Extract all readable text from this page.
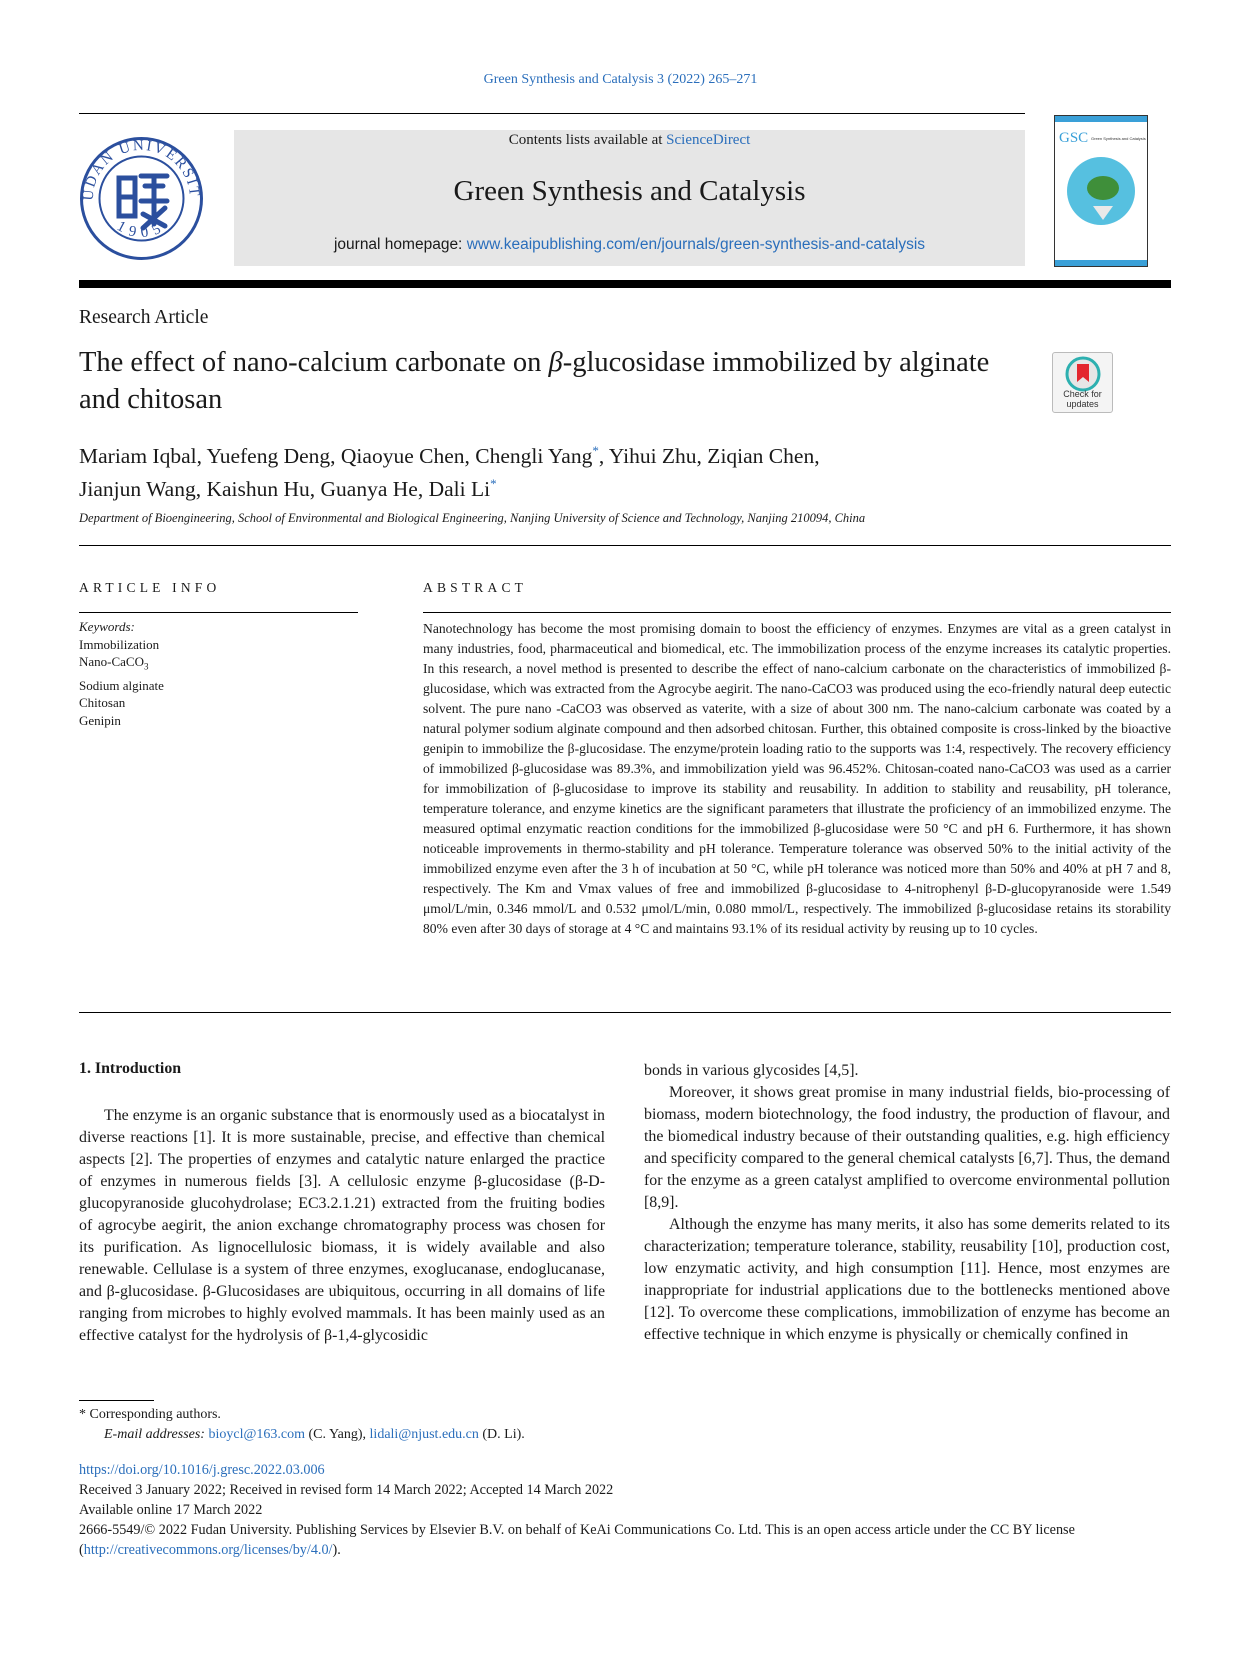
Green Synthesis and Catalysis 3 (2022) 265–271
UDAN UNIVERSIT
1905
Contents lists available at ScienceDirect
Green Synthesis and Catalysis
journal homepage: www.keaipublishing.com/en/journals/green-synthesis-and-catalysis
GSC Green Synthesis and Catalysis
Research Article
The effect of nano-calcium carbonate on β-glucosidase immobilized by alginate and chitosan	Check for updates
Mariam Iqbal, Yuefeng Deng, Qiaoyue Chen, Chengli Yang*, Yihui Zhu, Ziqian Chen,
Jianjun Wang, Kaishun Hu, Guanya He, Dali Li*
Department of Bioengineering, School of Environmental and Biological Engineering, Nanjing University of Science and Technology, Nanjing 210094, China
ARTICLE INFO	ABSTRACT
Keywords:
Immobilization
Nano-CaCO$_3$
Sodium alginate
Chitosan
Genipin
Nanotechnology has become the most promising domain to boost the efficiency of enzymes. Enzymes are vital as a green catalyst in many industries, food, pharmaceutical and biomedical, etc. The immobilization process of the enzyme increases its catalytic properties. In this research, a novel method is presented to describe the effect of nano-calcium carbonate on the characteristics of immobilized β-glucosidase, which was extracted from the Agrocybe aegirit. The nano-CaCO3 was produced using the eco-friendly natural deep eutectic solvent. The pure nano -CaCO3 was observed as vaterite, with a size of about 300 nm. The nano-calcium carbonate was coated by a natural polymer sodium alginate compound and then adsorbed chitosan. Further, this obtained composite is cross-linked by the bioactive genipin to immobilize the β-glucosidase. The enzyme/protein loading ratio to the supports was 1:4, respectively. The recovery efficiency of immobilized β-glucosidase was 89.3%, and immobilization yield was 96.452%. Chitosan-coated nano-CaCO3 was used as a carrier for immobilization of β-glucosidase to improve its stability and reusability. In addition to stability and reusability, pH tolerance, temperature tolerance, and enzyme kinetics are the significant parameters that illustrate the proficiency of an immobilized enzyme. The measured optimal enzymatic reaction conditions for the immobilized β-glucosidase were 50 °C and pH 6. Furthermore, it has shown noticeable improvements in thermo-stability and pH tolerance. Temperature tolerance was observed 50% to the initial activity of the immobilized enzyme even after the 3 h of incubation at 50 °C, while pH tolerance was noticed more than 50% and 40% at pH 7 and 8, respectively. The Km and Vmax values of free and immobilized β-glucosidase to 4-nitrophenyl β-D-glucopyranoside were 1.549 μmol/L/min, 0.346 mmol/L and 0.532 μmol/L/min, 0.080 mmol/L, respectively. The immobilized β-glucosidase retains its storability 80% even after 30 days of storage at 4 °C and maintains 93.1% of its residual activity by reusing up to 10 cycles.
1. Introduction

The enzyme is an organic substance that is enormously used as a biocatalyst in diverse reactions [1]. It is more sustainable, precise, and effective than chemical aspects [2]. The properties of enzymes and catalytic nature enlarged the practice of enzymes in numerous fields [3]. A cellulosic enzyme β-glucosidase (β-D-glucopyranoside glucohydrolase; EC3.2.1.21) extracted from the fruiting bodies of agrocybe aegirit, the anion exchange chromatography process was chosen for its purification. As lignocellulosic biomass, it is widely available and also renewable. Cellulase is a system of three enzymes, exoglucanase, endoglucanase, and β-glucosidase. β-Glucosidases are ubiquitous, occurring in all domains of life ranging from microbes to highly evolved mammals. It has been mainly used as an effective catalyst for the hydrolysis of β-1,4-glycosidic

bonds in various glycosides [4,5].

Moreover, it shows great promise in many industrial fields, bio-processing of biomass, modern biotechnology, the food industry, the production of flavour, and the biomedical industry because of their outstanding qualities, e.g. high efficiency and specificity compared to the general chemical catalysts [6,7]. Thus, the demand for the enzyme as a green catalyst amplified to overcome environmental pollution [8,9].

Although the enzyme has many merits, it also has some demerits related to its characterization; temperature tolerance, stability, reusability [10], production cost, low enzymatic activity, and high consumption [11]. Hence, most enzymes are inappropriate for industrial applications due to the bottlenecks mentioned above [12]. To overcome these complications, immobilization of enzyme has become an effective technique in which enzyme is physically or chemically confined in

* Corresponding authors.
E-mail addresses: bioycl@163.com (C. Yang), lidali@njust.edu.cn (D. Li).
https://doi.org/10.1016/j.gresc.2022.03.006
Received 3 January 2022; Received in revised form 14 March 2022; Accepted 14 March 2022
Available online 17 March 2022
2666-5549/© 2022 Fudan University. Publishing Services by Elsevier B.V. on behalf of KeAi Communications Co. Ltd. This is an open access article under the CC BY license (http://creativecommons.org/licenses/by/4.0/).
